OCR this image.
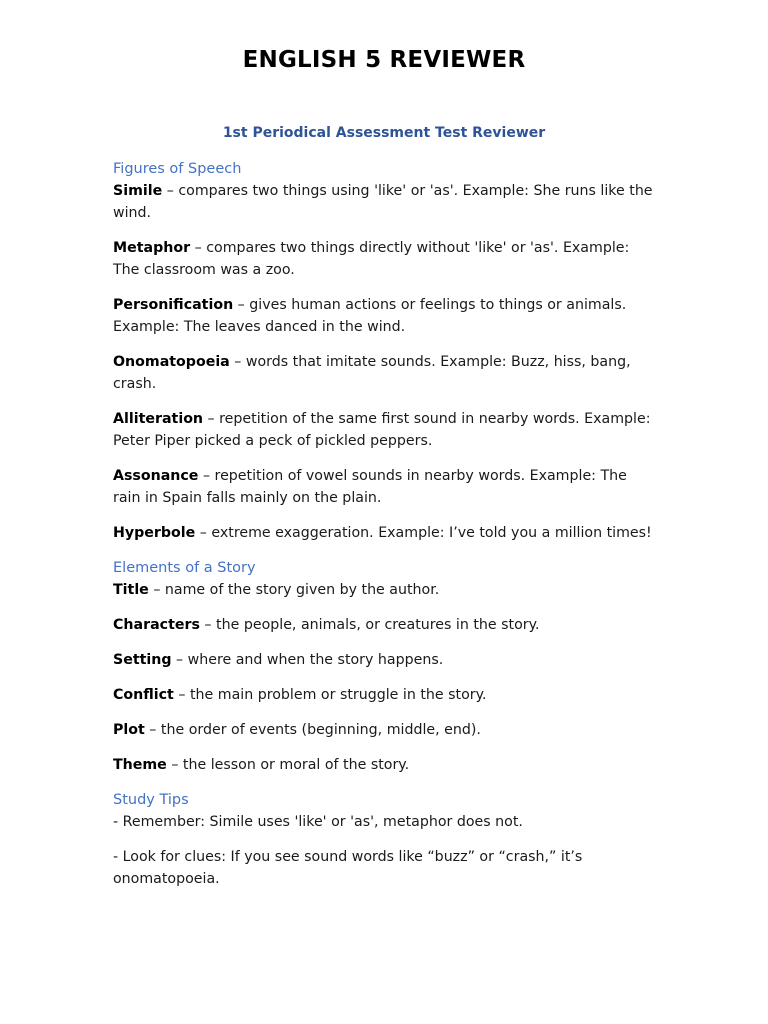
ENGLISH 5 REVIEWER
1st Periodical Assessment Test Reviewer
Figures of Speech

Simile – compares two things using 'like' or 'as'. Example: She runs like the wind.

Metaphor – compares two things directly without 'like' or 'as'. Example: The classroom was a zoo.

Personification – gives human actions or feelings to things or animals. Example: The leaves danced in the wind.

Onomatopoeia – words that imitate sounds. Example: Buzz, hiss, bang, crash.

Alliteration – repetition of the same first sound in nearby words. Example: Peter Piper picked a peck of pickled peppers.

Assonance – repetition of vowel sounds in nearby words. Example: The rain in Spain falls mainly on the plain.

Hyperbole – extreme exaggeration. Example: I’ve told you a million times!

Elements of a Story

Title – name of the story given by the author.

Characters – the people, animals, or creatures in the story.

Setting – where and when the story happens.

Conflict – the main problem or struggle in the story.

Plot – the order of events (beginning, middle, end).

Theme – the lesson or moral of the story.

Study Tips

- Remember: Simile uses 'like' or 'as', metaphor does not.

- Look for clues: If you see sound words like “buzz” or “crash,” it’s onomatopoeia.
